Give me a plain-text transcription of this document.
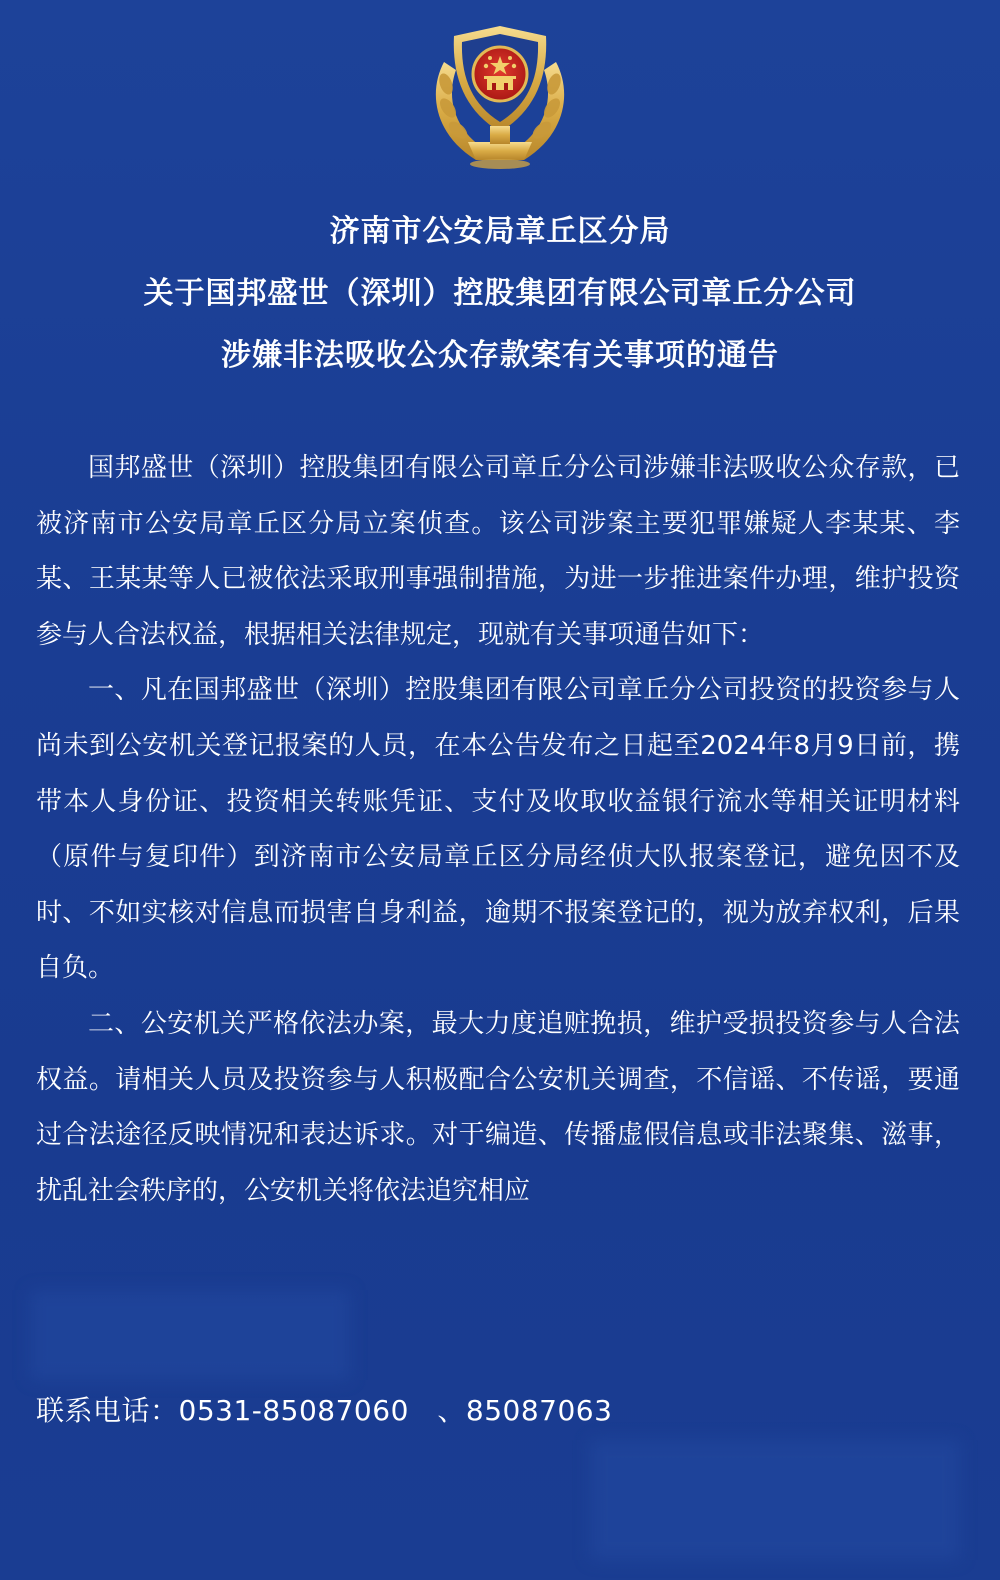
济南市公安局章丘区分局
关于国邦盛世（深圳）控股集团有限公司章丘分公司
涉嫌非法吸收公众存款案有关事项的通告

国邦盛世（深圳）控股集团有限公司章丘分公司涉嫌非法吸收公众存款，已被济南市公安局章丘区分局立案侦查。该公司涉案主要犯罪嫌疑人李某某、李某、王某某等人已被依法采取刑事强制措施，为进一步推进案件办理，维护投资参与人合法权益，根据相关法律规定，现就有关事项通告如下：

一、凡在国邦盛世（深圳）控股集团有限公司章丘分公司投资的投资参与人尚未到公安机关登记报案的人员，在本公告发布之日起至2024年8月9日前，携带本人身份证、投资相关转账凭证、支付及收取收益银行流水等相关证明材料（原件与复印件）到济南市公安局章丘区分局经侦大队报案登记，避免因不及时、不如实核对信息而损害自身利益，逾期不报案登记的，视为放弃权利，后果自负。

二、公安机关严格依法办案，最大力度追赃挽损，维护受损投资参与人合法权益。请相关人员及投资参与人积极配合公安机关调查，不信谣、不传谣，要通过合法途径反映情况和表达诉求。对于编造、传播虚假信息或非法聚集、滋事，扰乱社会秩序的，公安机关将依法追究相应

联系电话：0531-85087060　、85087063
